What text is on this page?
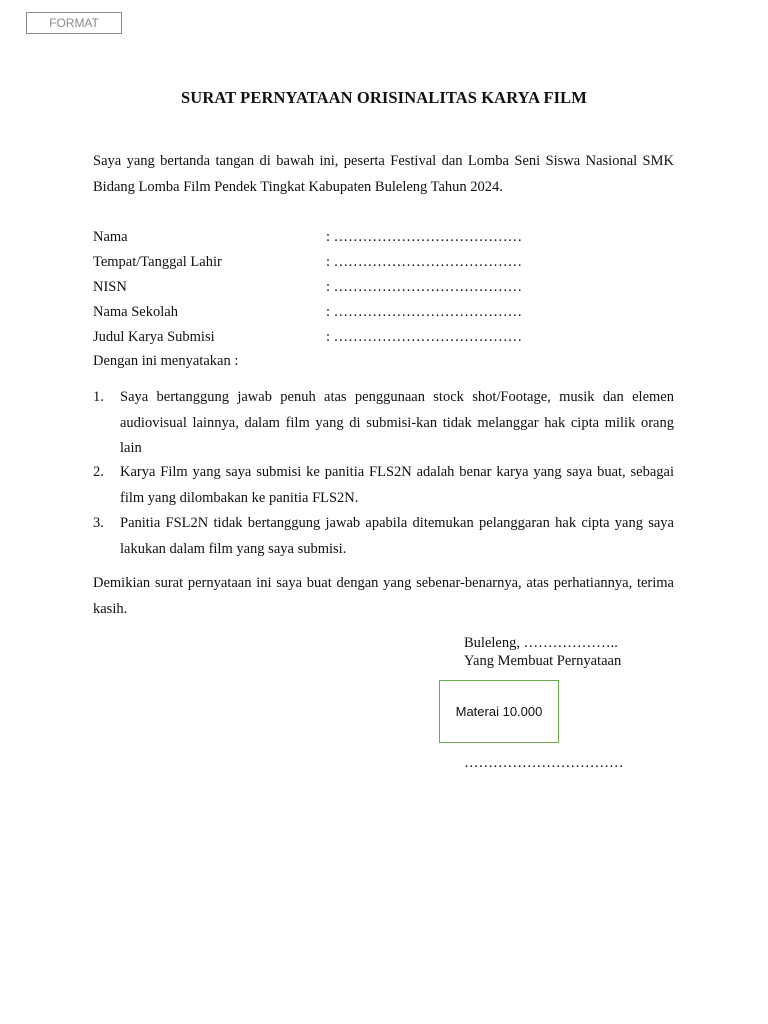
FORMAT
SURAT PERNYATAAN ORISINALITAS KARYA FILM
Saya yang bertanda tangan di bawah ini, peserta Festival dan Lomba Seni Siswa Nasional SMK Bidang Lomba Film Pendek Tingkat Kabupaten Buleleng Tahun 2024.
Nama	: …………………………………
Tempat/Tanggal Lahir	: …………………………………
NISN	: …………………………………
Nama Sekolah	: …………………………………
Judul Karya Submisi	: …………………………………
Dengan ini menyatakan :
1. Saya bertanggung jawab penuh atas penggunaan stock shot/Footage, musik dan elemen audiovisual lainnya, dalam film yang di submisi-kan tidak melanggar hak cipta milik orang lain
2. Karya Film yang saya submisi ke panitia FLS2N adalah benar karya yang saya buat, sebagai film yang dilombakan ke panitia FLS2N.
3. Panitia FSL2N tidak bertanggung jawab apabila ditemukan pelanggaran hak cipta yang saya lakukan dalam film yang saya submisi.
Demikian surat pernyataan ini saya buat dengan yang sebenar-benarnya, atas perhatiannya, terima kasih.
Buleleng, ………………..
Yang Membuat Pernyataan
Materai 10.000
……………………………
